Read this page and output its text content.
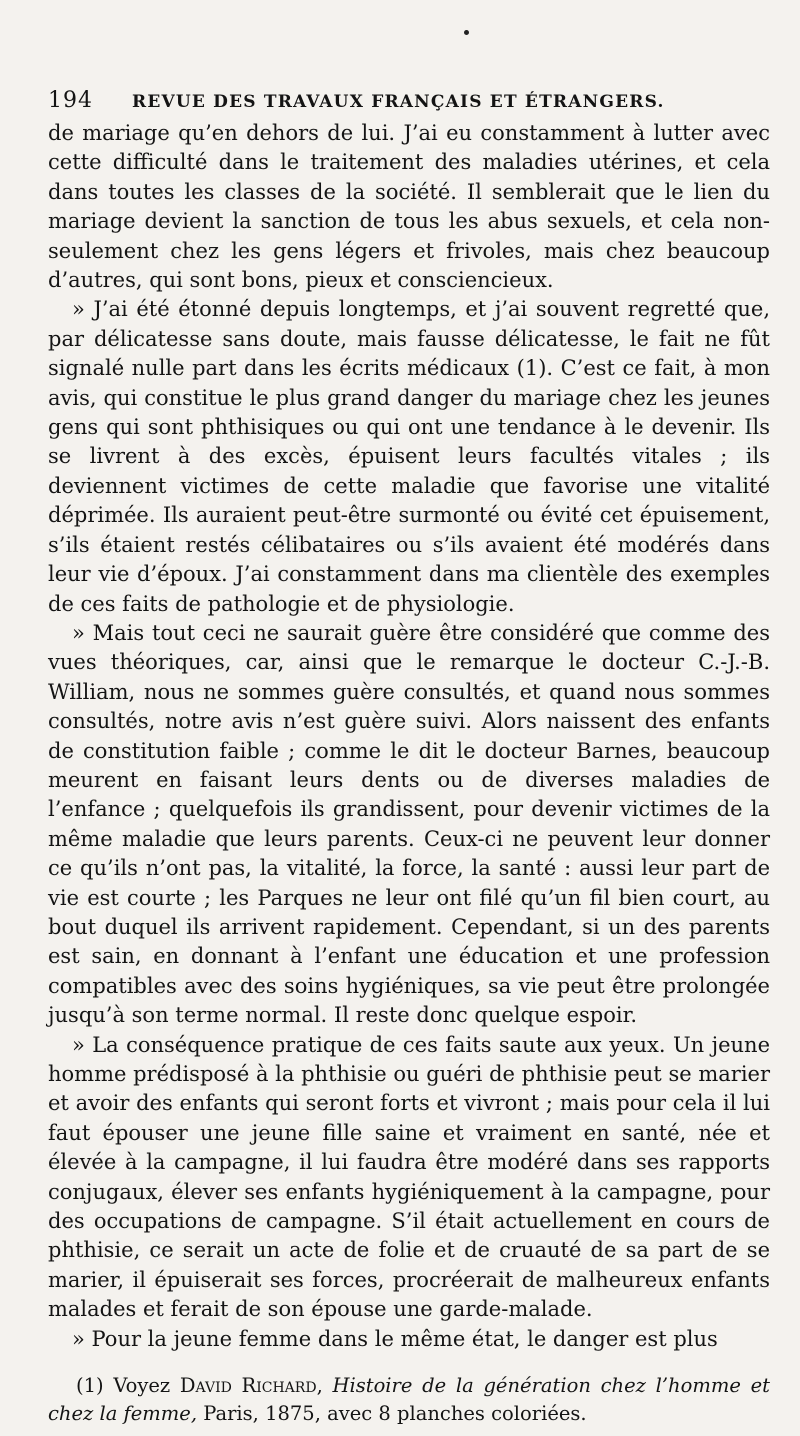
194	REVUE DES TRAVAUX FRANÇAIS ET ÉTRANGERS.

de mariage qu’en dehors de lui. J’ai eu constamment à lutter avec cette difficulté dans le traitement des maladies utérines, et cela dans toutes les classes de la société. Il semblerait que le lien du mariage devient la sanction de tous les abus sexuels, et cela non-seulement chez les gens légers et frivoles, mais chez beaucoup d’autres, qui sont bons, pieux et consciencieux.

» J’ai été étonné depuis longtemps, et j’ai souvent regretté que, par délicatesse sans doute, mais fausse délicatesse, le fait ne fût signalé nulle part dans les écrits médicaux (1). C’est ce fait, à mon avis, qui constitue le plus grand danger du mariage chez les jeunes gens qui sont phthisiques ou qui ont une tendance à le devenir. Ils se livrent à des excès, épuisent leurs facultés vitales ; ils deviennent victimes de cette maladie que favorise une vitalité déprimée. Ils auraient peut-être surmonté ou évité cet épuisement, s’ils étaient restés célibataires ou s’ils avaient été modérés dans leur vie d’époux. J’ai constamment dans ma clientèle des exemples de ces faits de pathologie et de physiologie.

» Mais tout ceci ne saurait guère être considéré que comme des vues théoriques, car, ainsi que le remarque le docteur C.-J.-B. William, nous ne sommes guère consultés, et quand nous sommes consultés, notre avis n’est guère suivi. Alors naissent des enfants de constitution faible ; comme le dit le docteur Barnes, beaucoup meurent en faisant leurs dents ou de diverses maladies de l’enfance ; quelquefois ils grandissent, pour devenir victimes de la même maladie que leurs parents. Ceux-ci ne peuvent leur donner ce qu’ils n’ont pas, la vitalité, la force, la santé : aussi leur part de vie est courte ; les Parques ne leur ont filé qu’un fil bien court, au bout duquel ils arrivent rapidement. Cependant, si un des parents est sain, en donnant à l’enfant une éducation et une profession compatibles avec des soins hygiéniques, sa vie peut être prolongée jusqu’à son terme normal. Il reste donc quelque espoir.

» La conséquence pratique de ces faits saute aux yeux. Un jeune homme prédisposé à la phthisie ou guéri de phthisie peut se marier et avoir des enfants qui seront forts et vivront ; mais pour cela il lui faut épouser une jeune fille saine et vraiment en santé, née et élevée à la campagne, il lui faudra être modéré dans ses rapports conjugaux, élever ses enfants hygiéniquement à la campagne, pour des occupations de campagne. S’il était actuellement en cours de phthisie, ce serait un acte de folie et de cruauté de sa part de se marier, il épuiserait ses forces, procréerait de malheureux enfants malades et ferait de son épouse une garde-malade.

» Pour la jeune femme dans le même état, le danger est plus

(1) Voyez David Richard, Histoire de la génération chez l’homme et chez la femme, Paris, 1875, avec 8 planches coloriées.
